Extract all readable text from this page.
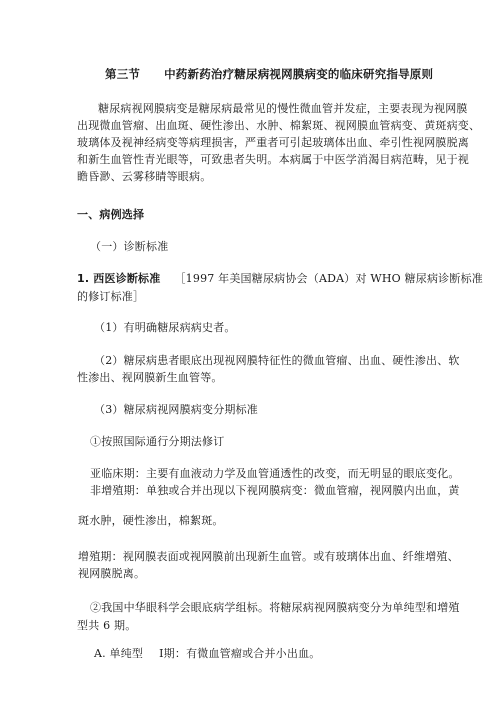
第三节 中药新药治疗糖尿病视网膜病变的临床研究指导原则
糖尿病视网膜病变是糖尿病最常见的慢性微血管并发症，主要表现为视网膜
出现微血管瘤、出血斑、硬性渗出、水肿、棉絮斑、视网膜血管病变、黄斑病变、
玻璃体及视神经病变等病理损害，严重者可引起玻璃体出血、牵引性视网膜脱离
和新生血管性青光眼等，可致患者失明。本病属于中医学消渴目病范畴，见于视
瞻昏渺、云雾移睛等眼病。
一、病例选择
（一）诊断标准
1. 西医诊断标准 ［1997 年美国糖尿病协会（ADA）对 WHO 糖尿病诊断标准
的修订标准］
（1）有明确糖尿病病史者。
（2）糖尿病患者眼底出现视网膜特征性的微血管瘤、出血、硬性渗出、软
性渗出、视网膜新生血管等。
（3）糖尿病视网膜病变分期标准
①按照国际通行分期法修订
亚临床期：主要有血液动力学及血管通透性的改变，而无明显的眼底变化。
非增殖期：单独或合并出现以下视网膜病变：微血管瘤，视网膜内出血，黄
斑水肿，硬性渗出，棉絮斑。
增殖期：视网膜表面或视网膜前出现新生血管。或有玻璃体出血、纤维增殖、
视网膜脱离。
②我国中华眼科学会眼底病学组标。将糖尿病视网膜病变分为单纯型和增殖
型共 6 期。
A. 单纯型 Ⅰ期：有微血管瘤或合并小出血。
